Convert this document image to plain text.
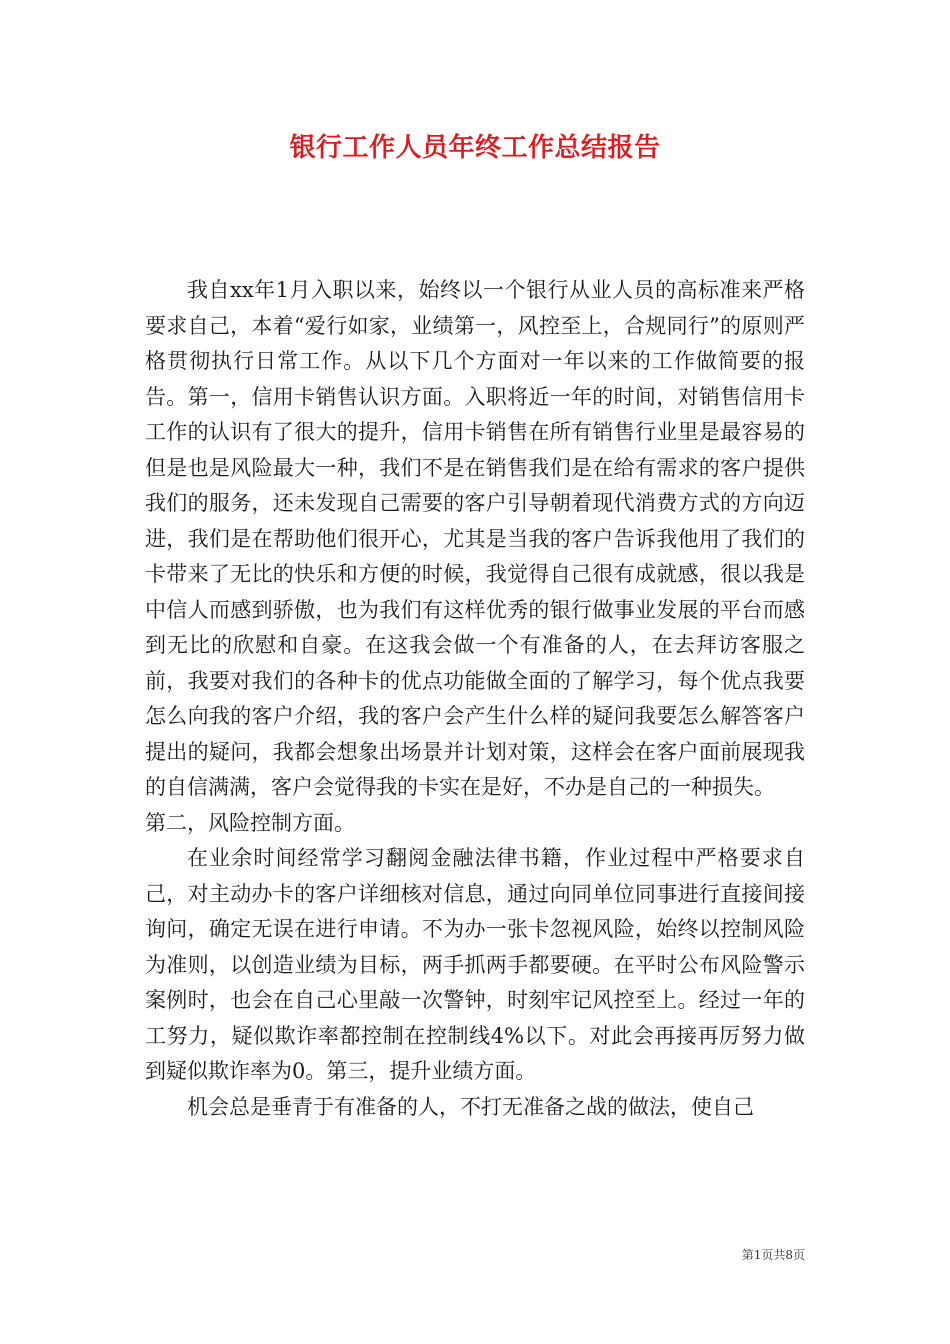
银行工作人员年终工作总结报告

我自xx年1月入职以来，始终以一个银行从业人员的高标准来严格要求自己，本着“爱行如家，业绩第一，风控至上，合规同行”的原则严格贯彻执行日常工作。从以下几个方面对一年以来的工作做简要的报告。第一，信用卡销售认识方面。入职将近一年的时间，对销售信用卡工作的认识有了很大的提升，信用卡销售在所有销售行业里是最容易的但是也是风险最大一种，我们不是在销售我们是在给有需求的客户提供我们的服务，还未发现自己需要的客户引导朝着现代消费方式的方向迈进，我们是在帮助他们很开心，尤其是当我的客户告诉我他用了我们的卡带来了无比的快乐和方便的时候，我觉得自己很有成就感，很以我是中信人而感到骄傲，也为我们有这样优秀的银行做事业发展的平台而感到无比的欣慰和自豪。在这我会做一个有准备的人，在去拜访客服之前，我要对我们的各种卡的优点功能做全面的了解学习，每个优点我要怎么向我的客户介绍，我的客户会产生什么样的疑问我要怎么解答客户提出的疑问，我都会想象出场景并计划对策，这样会在客户面前展现我的自信满满，客户会觉得我的卡实在是好，不办是自己的一种损失。

第二，风险控制方面。

在业余时间经常学习翻阅金融法律书籍，作业过程中严格要求自己，对主动办卡的客户详细核对信息，通过向同单位同事进行直接间接询问，确定无误在进行申请。不为办一张卡忽视风险，始终以控制风险为准则，以创造业绩为目标，两手抓两手都要硬。在平时公布风险警示案例时，也会在自己心里敲一次警钟，时刻牢记风控至上。经过一年的工努力，疑似欺诈率都控制在控制线4%以下。对此会再接再厉努力做到疑似欺诈率为0。第三，提升业绩方面。

机会总是垂青于有准备的人，不打无准备之战的做法，使自己

第1页共8页
